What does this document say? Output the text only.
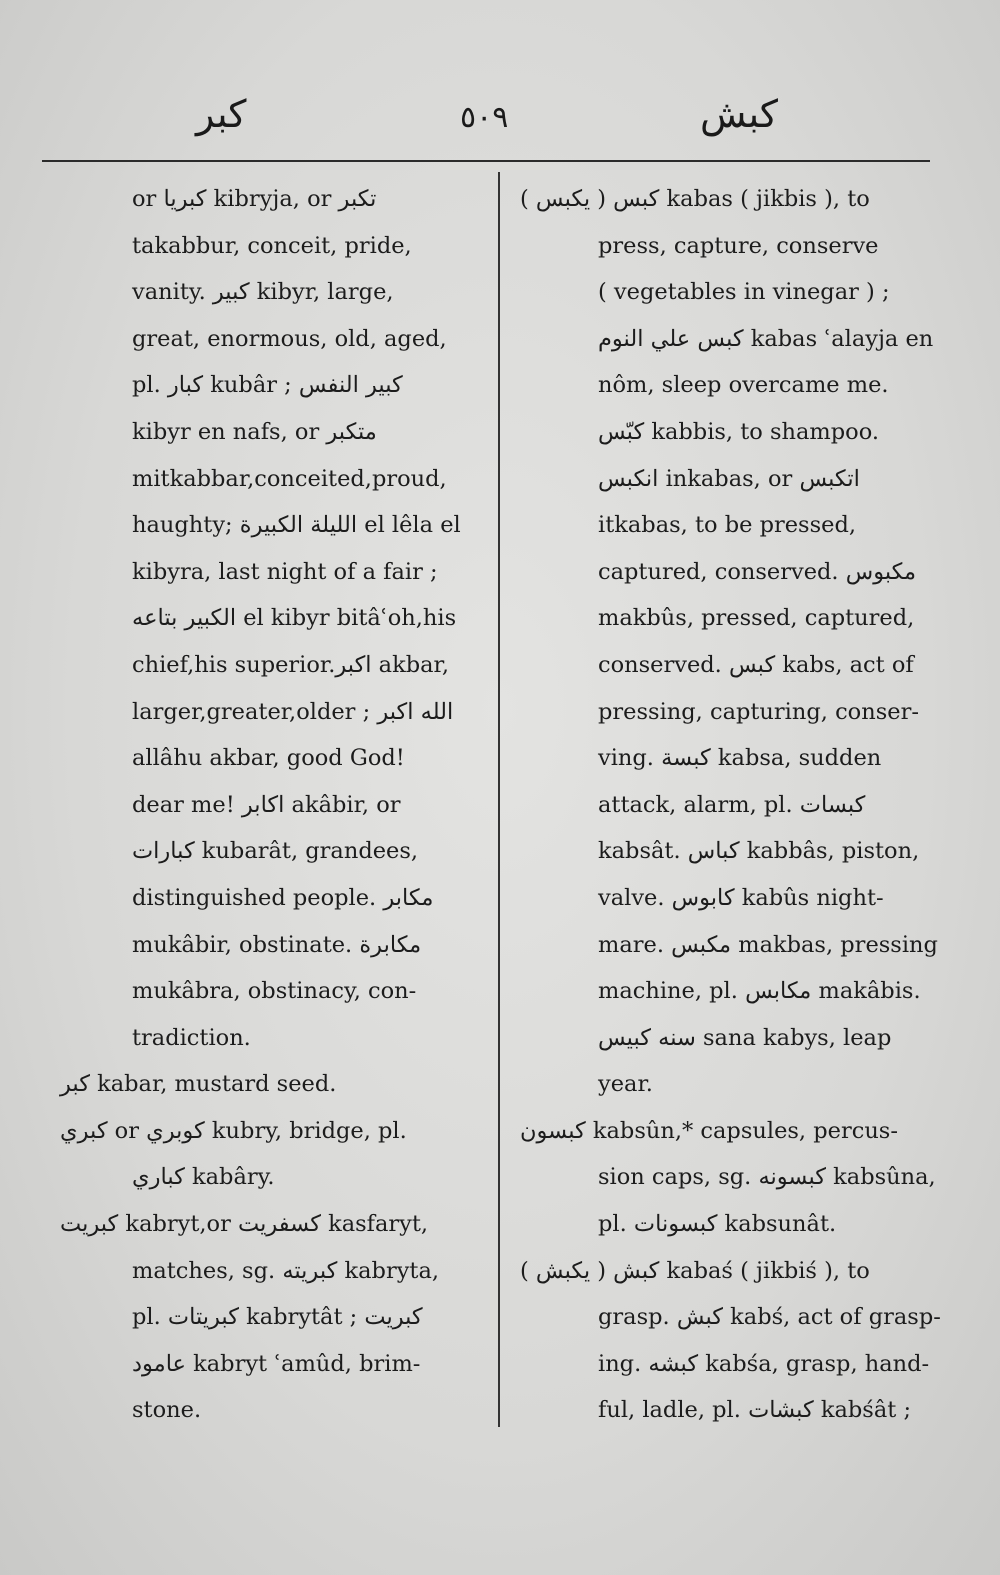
كبر	٥٠٩	كبش
or كبريا kibryja, or تكبر
takabbur, conceit, pride,
vanity. كبير kibyr, large,
great, enormous, old, aged,
pl. كبار kubâr ; كبير النفس
kibyr en nafs, or متكبر
mitkabbar,conceited,proud,
haughty; الليلة الكبيرة el lêla el
kibyra, last night of a fair ;
الكبير بتاعه el kibyr bitâʿoh,his
chief,his superior.اكبر akbar,
larger,greater,older ; الله اكبر
allâhu akbar, good God!
dear me! اكابر akâbir, or
كبارات kubarât, grandees,
distinguished people. مكابر
mukâbir, obstinate. مكابرة
mukâbra, obstinacy, con-
tradiction.
كبر kabar, mustard seed.
كبري or كوبري kubry, bridge, pl.
كباري kabâry.
كبريت kabryt,or كسفريت kasfaryt,
matches, sg. كبريته kabryta,
pl. كبريتات kabrytât ; كبريت
عامود kabryt ʿamûd, brim-
stone.
كبس ( يكبس ) kabas ( jikbis ), to
press, capture, conserve
( vegetables in vinegar ) ;
كبس علي النوم kabas ʿalayja en
nôm, sleep overcame me.
كبّس kabbis, to shampoo.
انكبس inkabas, or اتكبس
itkabas, to be pressed,
captured, conserved. مكبوس
makbûs, pressed, captured,
conserved. كبس kabs, act of
pressing, capturing, conser-
ving. كبسة kabsa, sudden
attack, alarm, pl. كبسات
kabsât. كباس kabbâs, piston,
valve. كابوس kabûs night-
mare. مكبس makbas, pressing
machine, pl. مكابس makâbis.
سنه كبيس sana kabys, leap
year.
كبسون kabsûn,* capsules, percus-
sion caps, sg. كبسونه kabsûna,
pl. كبسونات kabsunât.
كبش ( يكبش ) kabaś ( jikbiś ), to
grasp. كبش kabś, act of grasp-
ing. كبشه kabśa, grasp, hand-
ful, ladle, pl. كبشات kabśât ;
